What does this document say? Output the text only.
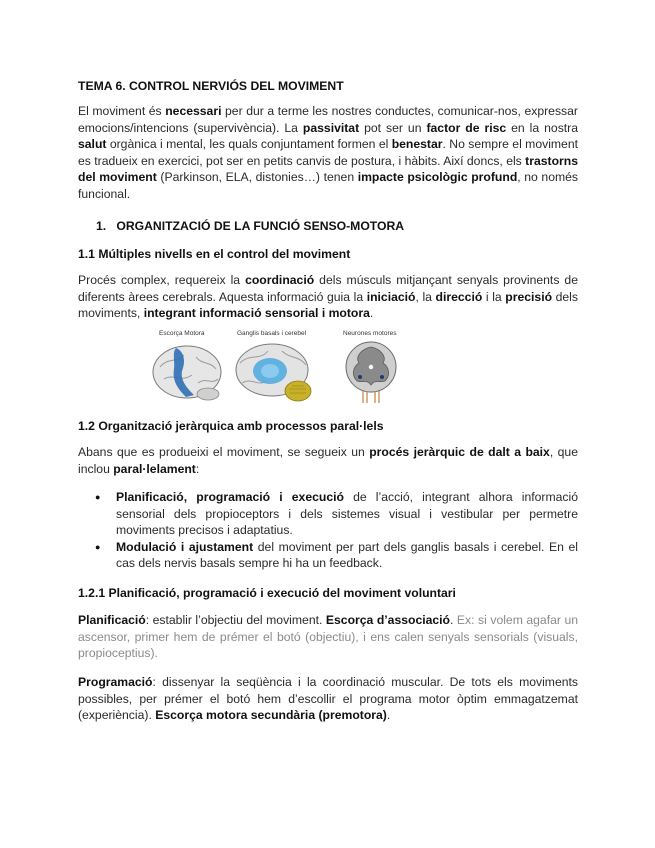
TEMA 6. CONTROL NERVIÓS DEL MOVIMENT

El moviment és necessari per dur a terme les nostres conductes, comunicar-nos, expressar emocions/intencions (supervivència). La passivitat pot ser un factor de risc en la nostra salut orgànica i mental, les quals conjuntament formen el benestar. No sempre el moviment es tradueix en exercici, pot ser en petits canvis de postura, i hàbits. Així doncs, els trastorns del moviment (Parkinson, ELA, distonies…) tenen impacte psicològic profund, no només funcional.

1. ORGANITZACIÓ DE LA FUNCIÓ SENSO-MOTORA

1.1 Múltiples nivells en el control del moviment

Procés complex, requereix la coordinació dels músculs mitjançant senyals provinents de diferents àrees cerebrals. Aquesta informació guia la iniciació, la direcció i la precisió dels moviments, integrant informació sensorial i motora.

1.2 Organització jeràrquica amb processos paral·lels

Abans que es produeixi el moviment, se segueix un procés jeràrquic de dalt a baix, que inclou paral·lelament:

● Planificació, programació i execució de l’acció, integrant alhora informació sensorial dels propioceptors i dels sistemes visual i vestibular per permetre moviments precisos i adaptatius.
● Modulació i ajustament del moviment per part dels ganglis basals i cerebel. En el cas dels nervis basals sempre hi ha un feedback.

1.2.1 Planificació, programació i execució del moviment voluntari

Planificació: establir l’objectiu del moviment. Escorça d’associació. Ex: si volem agafar un ascensor, primer hem de prémer el botó (objectiu), i ens calen senyals sensorials (visuals, propioceptius).

Programació: dissenyar la seqüència i la coordinació muscular. De tots els moviments possibles, per prémer el botó hem d’escollir el programa motor òptim emmagatzemat (experiència). Escorça motora secundària (premotora).

Escorça Motora	Ganglis basals i cerebel	Neurones motores
